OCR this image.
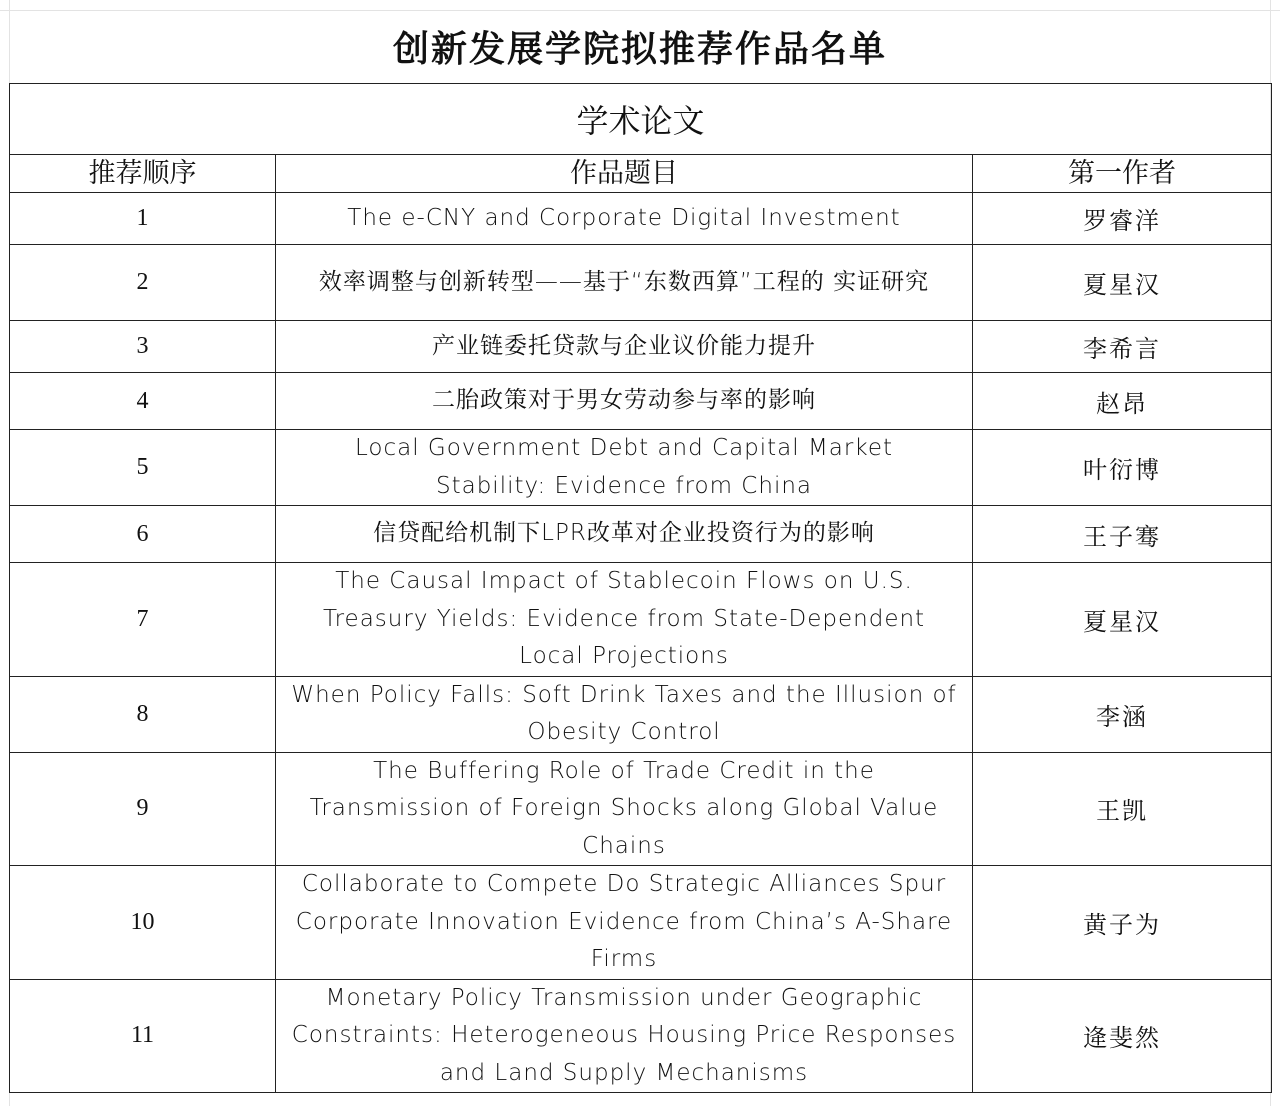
创新发展学院拟推荐作品名单
学术论文		
推荐顺序	作品题目	第一作者
1	The e-CNY and Corporate Digital Investment	罗睿洋
2	效率调整与创新转型——基于“东数西算”工程的 实证研究	夏星汉
3	产业链委托贷款与企业议价能力提升	李希言
4	二胎政策对于男女劳动参与率的影响	赵昂
5	Local Government Debt and Capital Market Stability: Evidence from China	叶衍博
6	信贷配给机制下LPR改革对企业投资行为的影响	王子骞
7	The Causal Impact of Stablecoin Flows on U.S. Treasury Yields: Evidence from State-Dependent Local Projections	夏星汉
8	When Policy Falls: Soft Drink Taxes and the Illusion of Obesity Control	李涵
9	The Buffering Role of Trade Credit in the Transmission of Foreign Shocks along Global Value Chains	王凯
10	Collaborate to Compete Do Strategic Alliances Spur Corporate Innovation Evidence from China’s A-Share Firms	黄子为
11	Monetary Policy Transmission under Geographic Constraints: Heterogeneous Housing Price Responses and Land Supply Mechanisms	逄斐然
